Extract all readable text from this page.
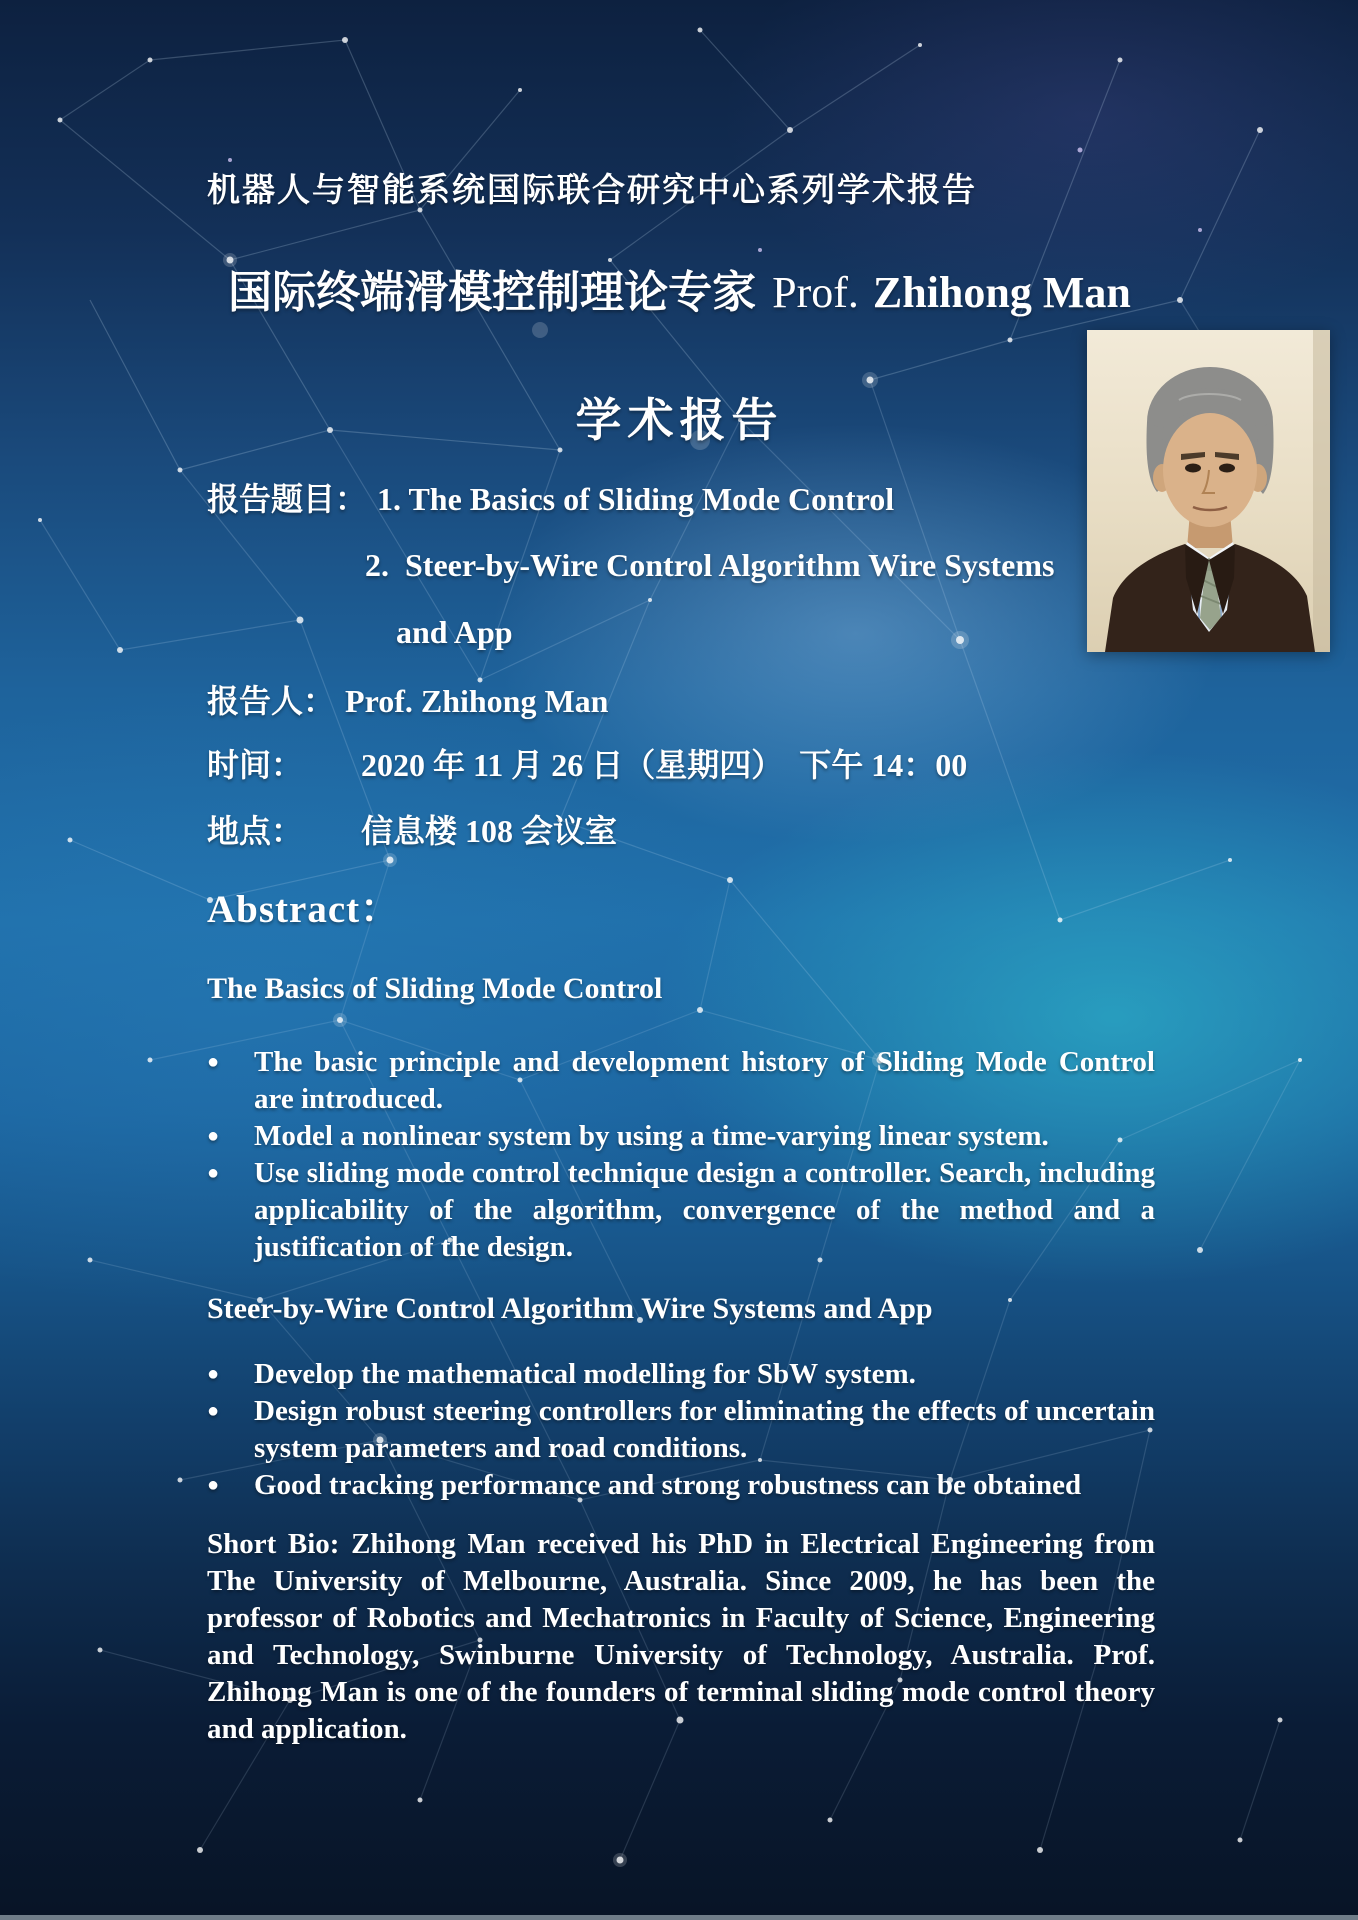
机器人与智能系统国际联合研究中心系列学术报告
国际终端滑模控制理论专家 Prof. Zhihong Man
学术报告
报告题目： 1. The Basics of Sliding Mode Control
2.  Steer-by-Wire Control Algorithm Wire Systems
and App
报告人： Prof. Zhihong Man
时间： 2020 年 11 月 26 日（星期四）  下午 14：00
地点： 信息楼 108 会议室
Abstract：
The Basics of Sliding Mode Control
●	The basic principle and development history of Sliding Mode Control are introduced.
●	Model a nonlinear system by using a time-varying linear system.
●	Use sliding mode control technique design a controller. Search, including applicability of the algorithm, convergence of the method and a justification of the design.
Steer-by-Wire Control Algorithm Wire Systems and App
●	Develop the mathematical modelling for SbW system.
●	Design robust steering controllers for eliminating the effects of uncertain system parameters and road conditions.
●	Good tracking performance and strong robustness can be obtained
Short Bio: Zhihong Man received his PhD in Electrical Engineering from The University of Melbourne, Australia. Since 2009, he has been the professor of Robotics and Mechatronics in Faculty of Science, Engineering and Technology, Swinburne University of Technology, Australia. Prof. Zhihong Man is one of the founders of terminal sliding mode control theory and application.
